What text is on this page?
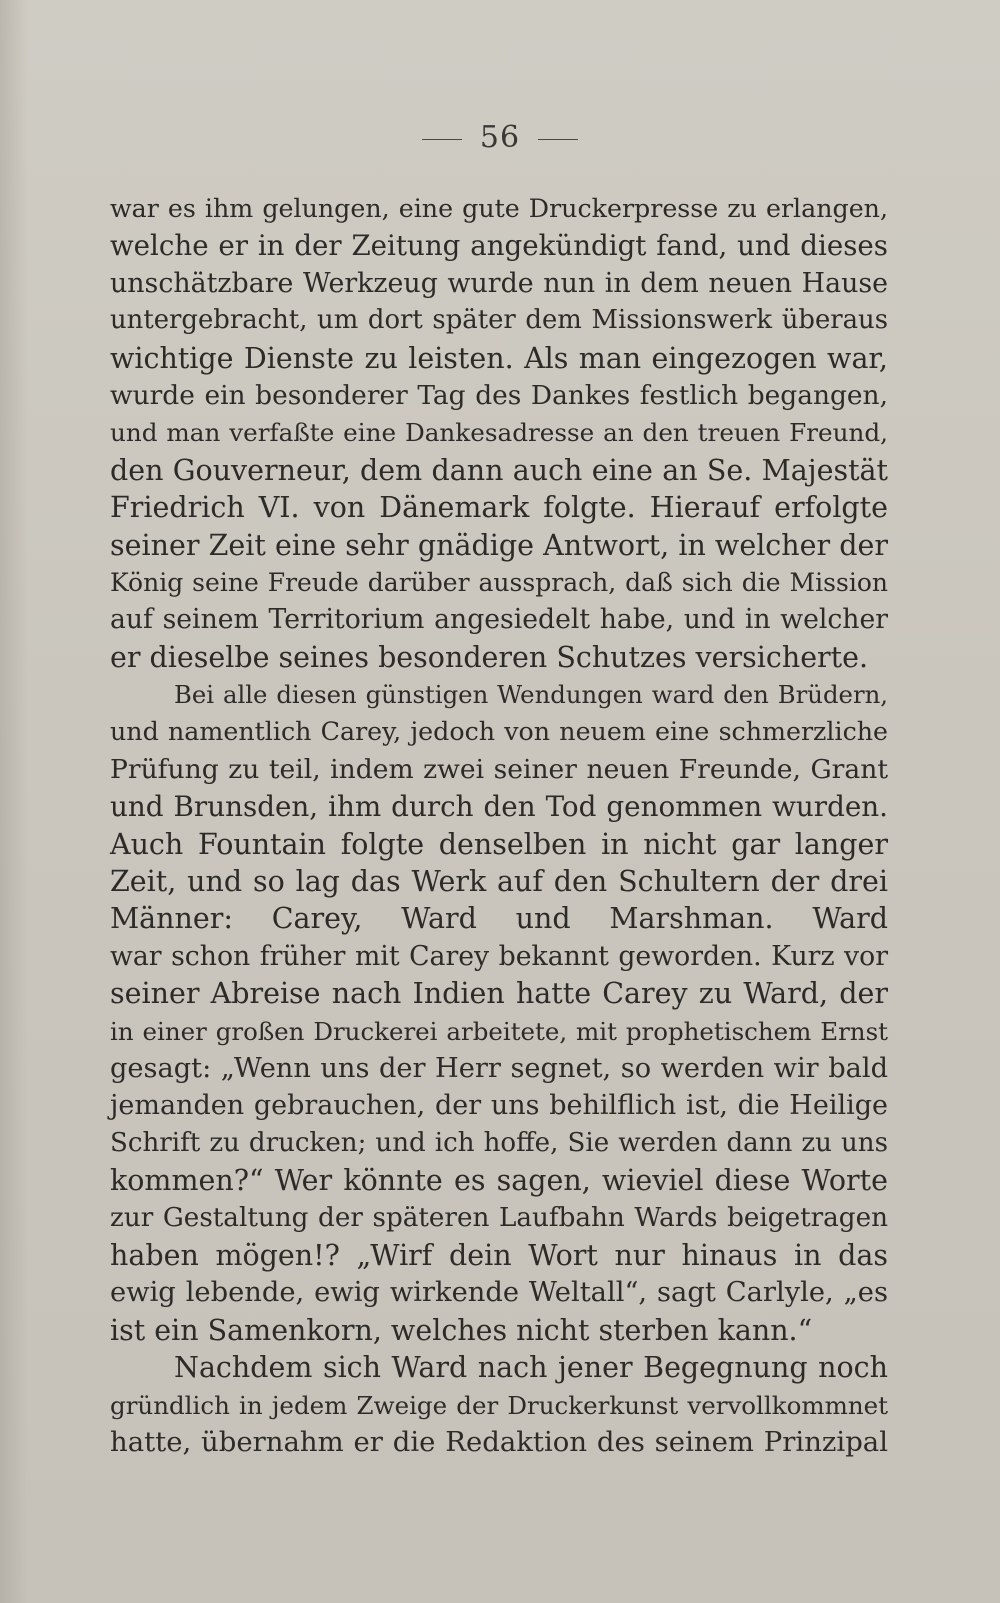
56
war es ihm gelungen, eine gute Druckerpresse zu erlangen,
welche er in der Zeitung angekündigt fand, und dieses
unschätzbare Werkzeug wurde nun in dem neuen Hause
untergebracht, um dort später dem Missionswerk überaus
wichtige Dienste zu leisten. Als man eingezogen war,
wurde ein besonderer Tag des Dankes festlich begangen,
und man verfaßte eine Dankesadresse an den treuen Freund,
den Gouverneur, dem dann auch eine an Se. Majestät
Friedrich VI. von Dänemark folgte. Hierauf erfolgte
seiner Zeit eine sehr gnädige Antwort, in welcher der
König seine Freude darüber aussprach, daß sich die Mission
auf seinem Territorium angesiedelt habe, und in welcher
er dieselbe seines besonderen Schutzes versicherte.
Bei alle diesen günstigen Wendungen ward den Brüdern,
und namentlich Carey, jedoch von neuem eine schmerzliche
Prüfung zu teil, indem zwei seiner neuen Freunde, Grant
und Brunsden, ihm durch den Tod genommen wurden.
Auch Fountain folgte denselben in nicht gar langer
Zeit, und so lag das Werk auf den Schultern der drei
Männer: Carey, Ward und Marshman. Ward
war schon früher mit Carey bekannt geworden. Kurz vor
seiner Abreise nach Indien hatte Carey zu Ward, der
in einer großen Druckerei arbeitete, mit prophetischem Ernst
gesagt: „Wenn uns der Herr segnet, so werden wir bald
jemanden gebrauchen, der uns behilflich ist, die Heilige
Schrift zu drucken; und ich hoffe, Sie werden dann zu uns
kommen?“ Wer könnte es sagen, wieviel diese Worte
zur Gestaltung der späteren Laufbahn Wards beigetragen
haben mögen!? „Wirf dein Wort nur hinaus in das
ewig lebende, ewig wirkende Weltall“, sagt Carlyle, „es
ist ein Samenkorn, welches nicht sterben kann.“
Nachdem sich Ward nach jener Begegnung noch
gründlich in jedem Zweige der Druckerkunst vervollkommnet
hatte, übernahm er die Redaktion des seinem Prinzipal
